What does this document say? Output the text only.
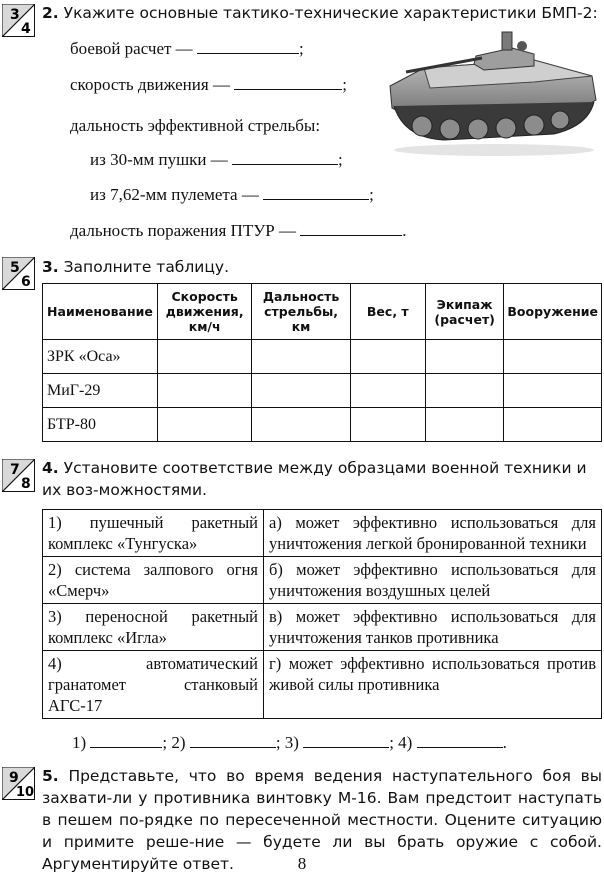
3
4
2. Укажите основные тактико-технические характеристики БМП-2:
боевой расчет —	;
скорость движения —	;
дальность эффективной стрельбы:
из 30-мм пушки —	;
из 7,62-мм пулемета —	;
дальность поражения ПТУР —	.
5
6
3. Заполните таблицу.
Наименование	Скорость движения, км/ч	Дальность стрельбы, км	Вес, т	Экипаж (расчет)	Вооружение
ЗРК «Оса»					
МиГ-29					
БТР-80					
7
8
4. Установите соответствие между образцами военной техники и их воз-можностями.
1) пушечный ракетный комплекс «Тунгуска»	а) может эффективно использоваться для уничтожения легкой бронированной техники
2) система залпового огня «Смерч»	б) может эффективно использоваться для уничтожения воздушных целей
3) переносной ракетный комплекс «Игла»	в) может эффективно использоваться для уничтожения танков противника
4) автоматический гранатомет станковый АГС-17	г) может эффективно использоваться против живой силы противника
1)	; 2)	; 3)	; 4)	.
9
10
5. Представьте, что во время ведения наступательного боя вы захвати-ли у противника винтовку М-16. Вам предстоит наступать в пешем по-рядке по пересеченной местности. Оцените ситуацию и примите реше-ние — будете ли вы брать оружие с собой. Аргументируйте ответ.	8
